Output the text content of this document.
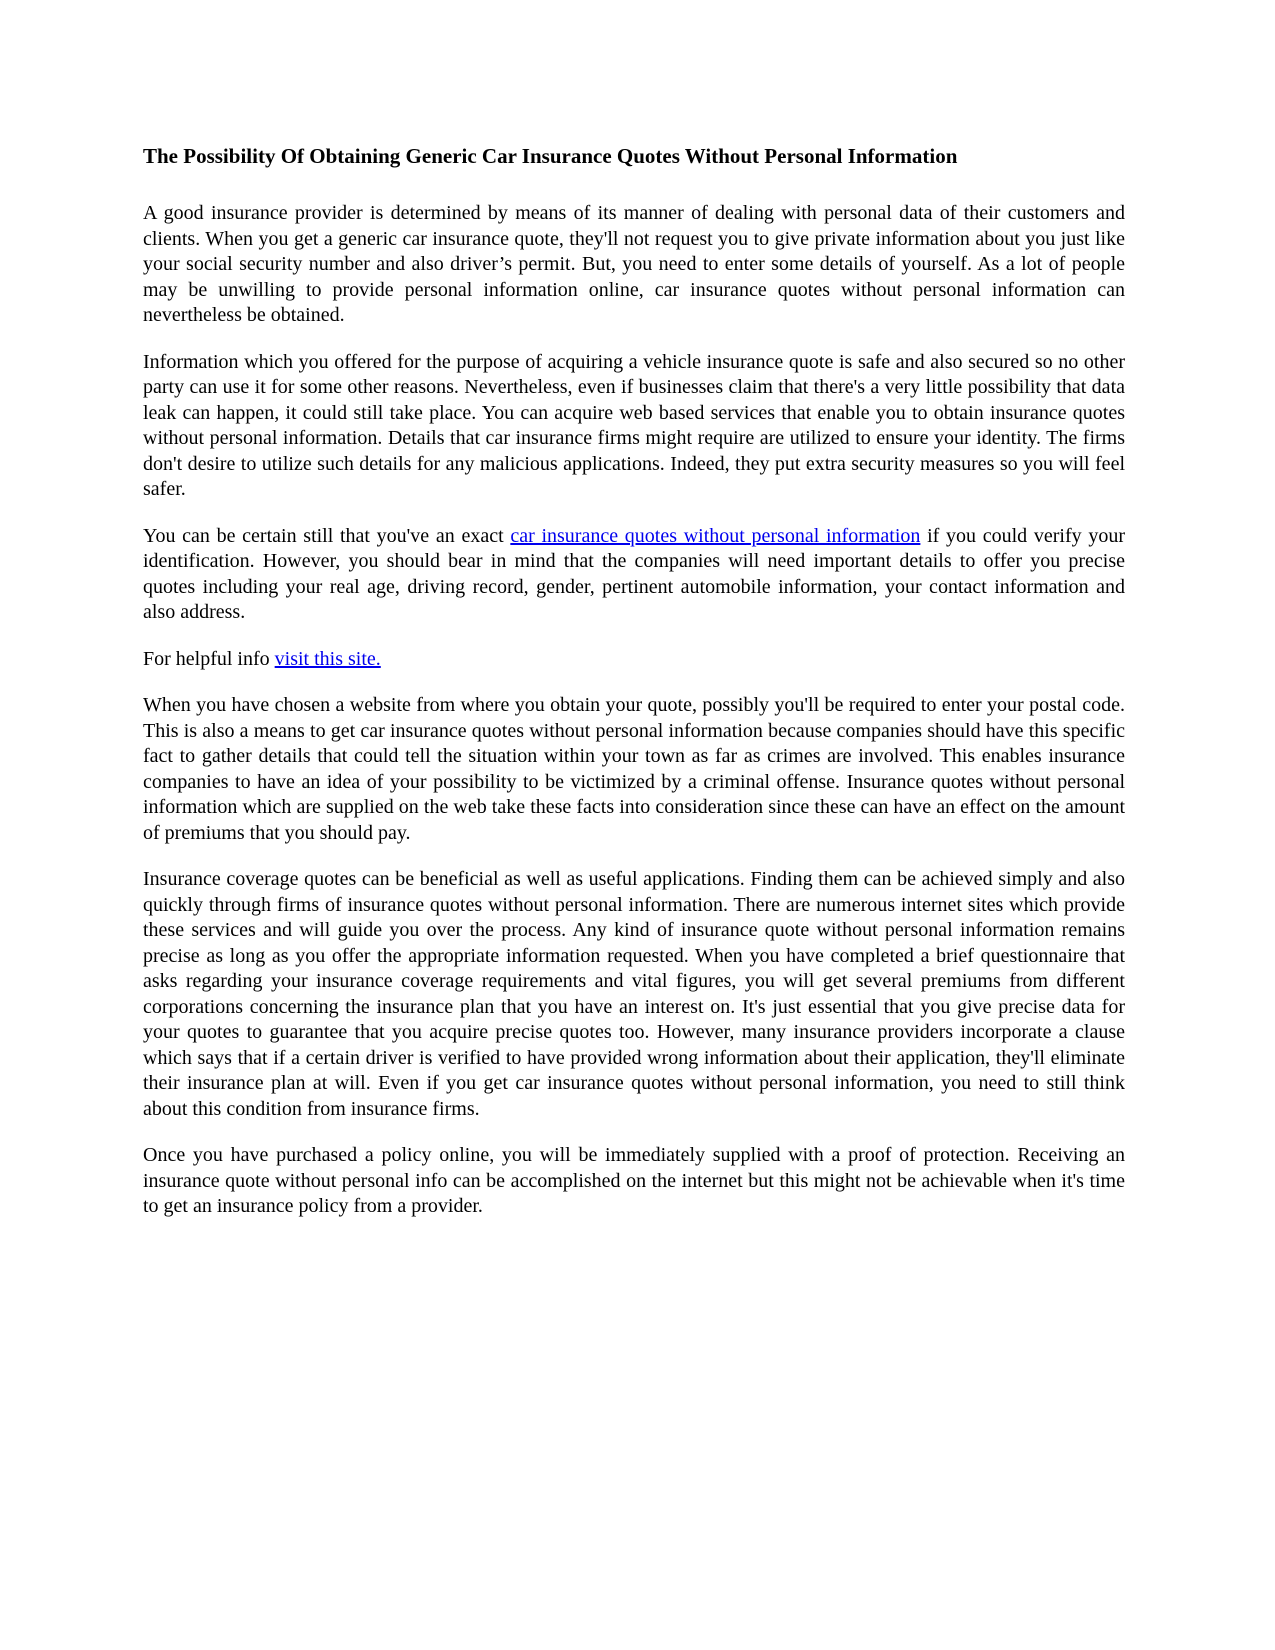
The Possibility Of Obtaining Generic Car Insurance Quotes Without Personal Information

A good insurance provider is determined by means of its manner of dealing with personal data of their customers and clients. When you get a generic car insurance quote, they'll not request you to give private information about you just like your social security number and also driver’s permit. But, you need to enter some details of yourself. As a lot of people may be unwilling to provide personal information online, car insurance quotes without personal information can nevertheless be obtained.

Information which you offered for the purpose of acquiring a vehicle insurance quote is safe and also secured so no other party can use it for some other reasons. Nevertheless, even if businesses claim that there's a very little possibility that data leak can happen, it could still take place. You can acquire web based services that enable you to obtain insurance quotes without personal information. Details that car insurance firms might require are utilized to ensure your identity. The firms don't desire to utilize such details for any malicious applications. Indeed, they put extra security measures so you will feel safer.

You can be certain still that you've an exact car insurance quotes without personal information if you could verify your identification. However, you should bear in mind that the companies will need important details to offer you precise quotes including your real age, driving record, gender, pertinent automobile information, your contact information and also address.

For helpful info visit this site.

When you have chosen a website from where you obtain your quote, possibly you'll be required to enter your postal code. This is also a means to get car insurance quotes without personal information because companies should have this specific fact to gather details that could tell the situation within your town as far as crimes are involved. This enables insurance companies to have an idea of your possibility to be victimized by a criminal offense. Insurance quotes without personal information which are supplied on the web take these facts into consideration since these can have an effect on the amount of premiums that you should pay.

Insurance coverage quotes can be beneficial as well as useful applications. Finding them can be achieved simply and also quickly through firms of insurance quotes without personal information. There are numerous internet sites which provide these services and will guide you over the process. Any kind of insurance quote without personal information remains precise as long as you offer the appropriate information requested. When you have completed a brief questionnaire that asks regarding your insurance coverage requirements and vital figures, you will get several premiums from different corporations concerning the insurance plan that you have an interest on. It's just essential that you give precise data for your quotes to guarantee that you acquire precise quotes too. However, many insurance providers incorporate a clause which says that if a certain driver is verified to have provided wrong information about their application, they'll eliminate their insurance plan at will. Even if you get car insurance quotes without personal information, you need to still think about this condition from insurance firms.

Once you have purchased a policy online, you will be immediately supplied with a proof of protection. Receiving an insurance quote without personal info can be accomplished on the internet but this might not be achievable when it's time to get an insurance policy from a provider.
